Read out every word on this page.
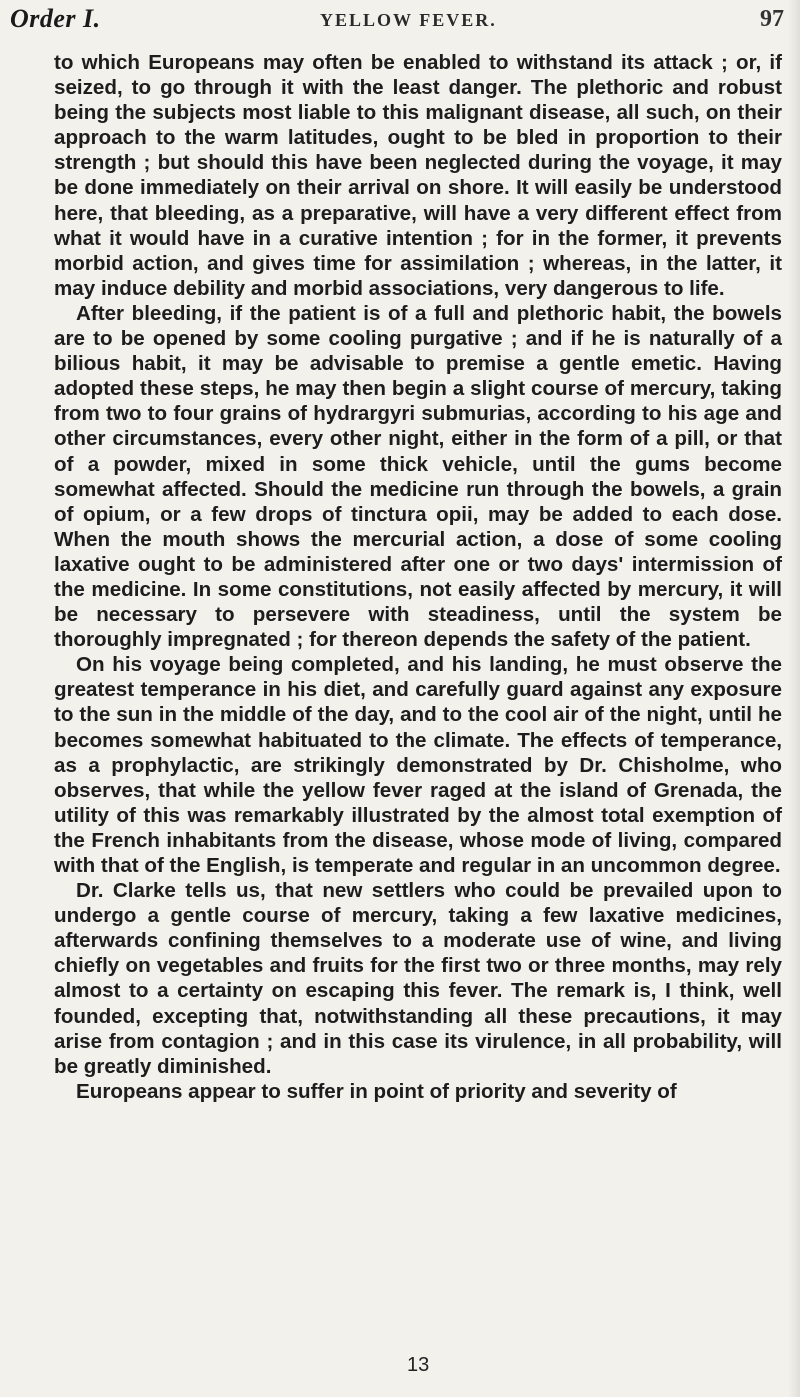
Order I.	YELLOW FEVER.	97

to which Europeans may often be enabled to withstand its attack ; or, if seized, to go through it with the least danger. The plethoric and robust being the subjects most liable to this malignant disease, all such, on their approach to the warm latitudes, ought to be bled in proportion to their strength ; but should this have been neglected during the voyage, it may be done immediately on their arrival on shore. It will easily be understood here, that bleeding, as a preparative, will have a very different effect from what it would have in a curative intention ; for in the former, it prevents morbid action, and gives time for assimilation ; whereas, in the latter, it may induce debility and morbid associations, very dangerous to life.

After bleeding, if the patient is of a full and plethoric habit, the bowels are to be opened by some cooling purgative ; and if he is naturally of a bilious habit, it may be advisable to premise a gentle emetic. Having adopted these steps, he may then begin a slight course of mercury, taking from two to four grains of hydrargyri submurias, according to his age and other circumstances, every other night, either in the form of a pill, or that of a powder, mixed in some thick vehicle, until the gums become somewhat affected. Should the medicine run through the bowels, a grain of opium, or a few drops of tinctura opii, may be added to each dose. When the mouth shows the mercurial action, a dose of some cooling laxative ought to be administered after one or two days' intermission of the medicine. In some constitutions, not easily affected by mercury, it will be necessary to persevere with steadiness, until the system be thoroughly impregnated ; for thereon depends the safety of the patient.

On his voyage being completed, and his landing, he must observe the greatest temperance in his diet, and carefully guard against any exposure to the sun in the middle of the day, and to the cool air of the night, until he becomes somewhat habituated to the climate. The effects of temperance, as a prophylactic, are strikingly demonstrated by Dr. Chisholme, who observes, that while the yellow fever raged at the island of Grenada, the utility of this was remarkably illustrated by the almost total exemption of the French inhabitants from the disease, whose mode of living, compared with that of the English, is temperate and regular in an uncommon degree.

Dr. Clarke tells us, that new settlers who could be prevailed upon to undergo a gentle course of mercury, taking a few laxative medicines, afterwards confining themselves to a moderate use of wine, and living chiefly on vegetables and fruits for the first two or three months, may rely almost to a certainty on escaping this fever. The remark is, I think, well founded, excepting that, notwithstanding all these precautions, it may arise from contagion ; and in this case its virulence, in all probability, will be greatly diminished.

Europeans appear to suffer in point of priority and severity of

13
